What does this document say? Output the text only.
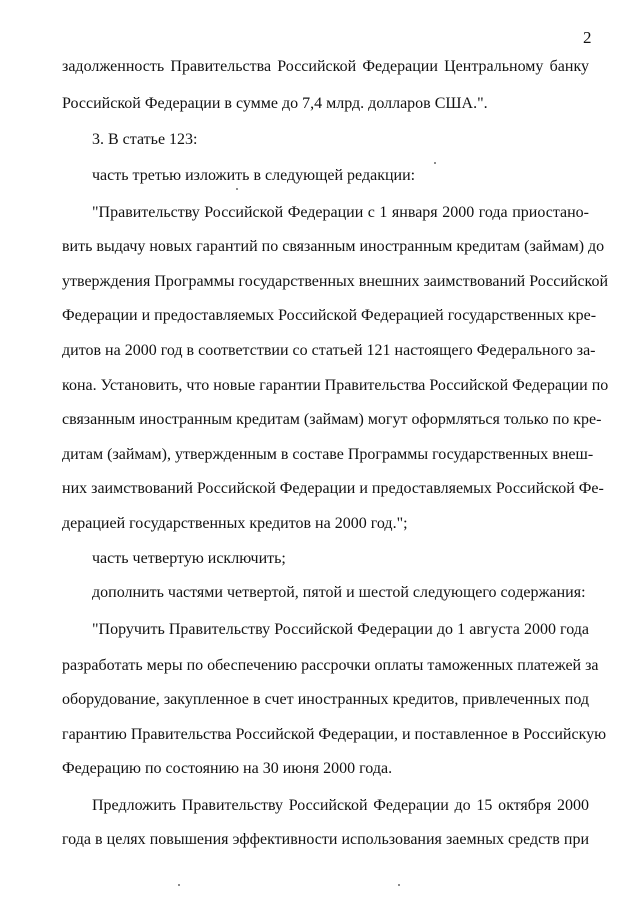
2
задолженность Правительства Российской Федерации Центральному банку
Российской Федерации в сумме до 7,4 млрд. долларов США.".
3. В статье 123:
часть третью изложить в следующей редакции:
"Правительству Российской Федерации с 1 января 2000 года приостано-
вить выдачу новых гарантий по связанным иностранным кредитам (займам) до
утверждения Программы государственных внешних заимствований Российской
Федерации и предоставляемых Российской Федерацией государственных кре-
дитов на 2000 год в соответствии со статьей 121 настоящего Федерального за-
кона. Установить, что новые гарантии Правительства Российской Федерации по
связанным иностранным кредитам (займам) могут оформляться только по кре-
дитам (займам), утвержденным в составе Программы государственных внеш-
них заимствований Российской Федерации и предоставляемых Российской Фе-
дерацией государственных кредитов на 2000 год.";
часть четвертую исключить;
дополнить частями четвертой, пятой и шестой следующего содержания:
"Поручить Правительству Российской Федерации до 1 августа 2000 года
разработать меры по обеспечению рассрочки оплаты таможенных платежей за
оборудование, закупленное в счет иностранных кредитов, привлеченных под
гарантию Правительства Российской Федерации, и поставленное в Российскую
Федерацию по состоянию на 30 июня 2000 года.
Предложить Правительству Российской Федерации до 15 октября 2000
года в целях повышения эффективности использования заемных средств при
